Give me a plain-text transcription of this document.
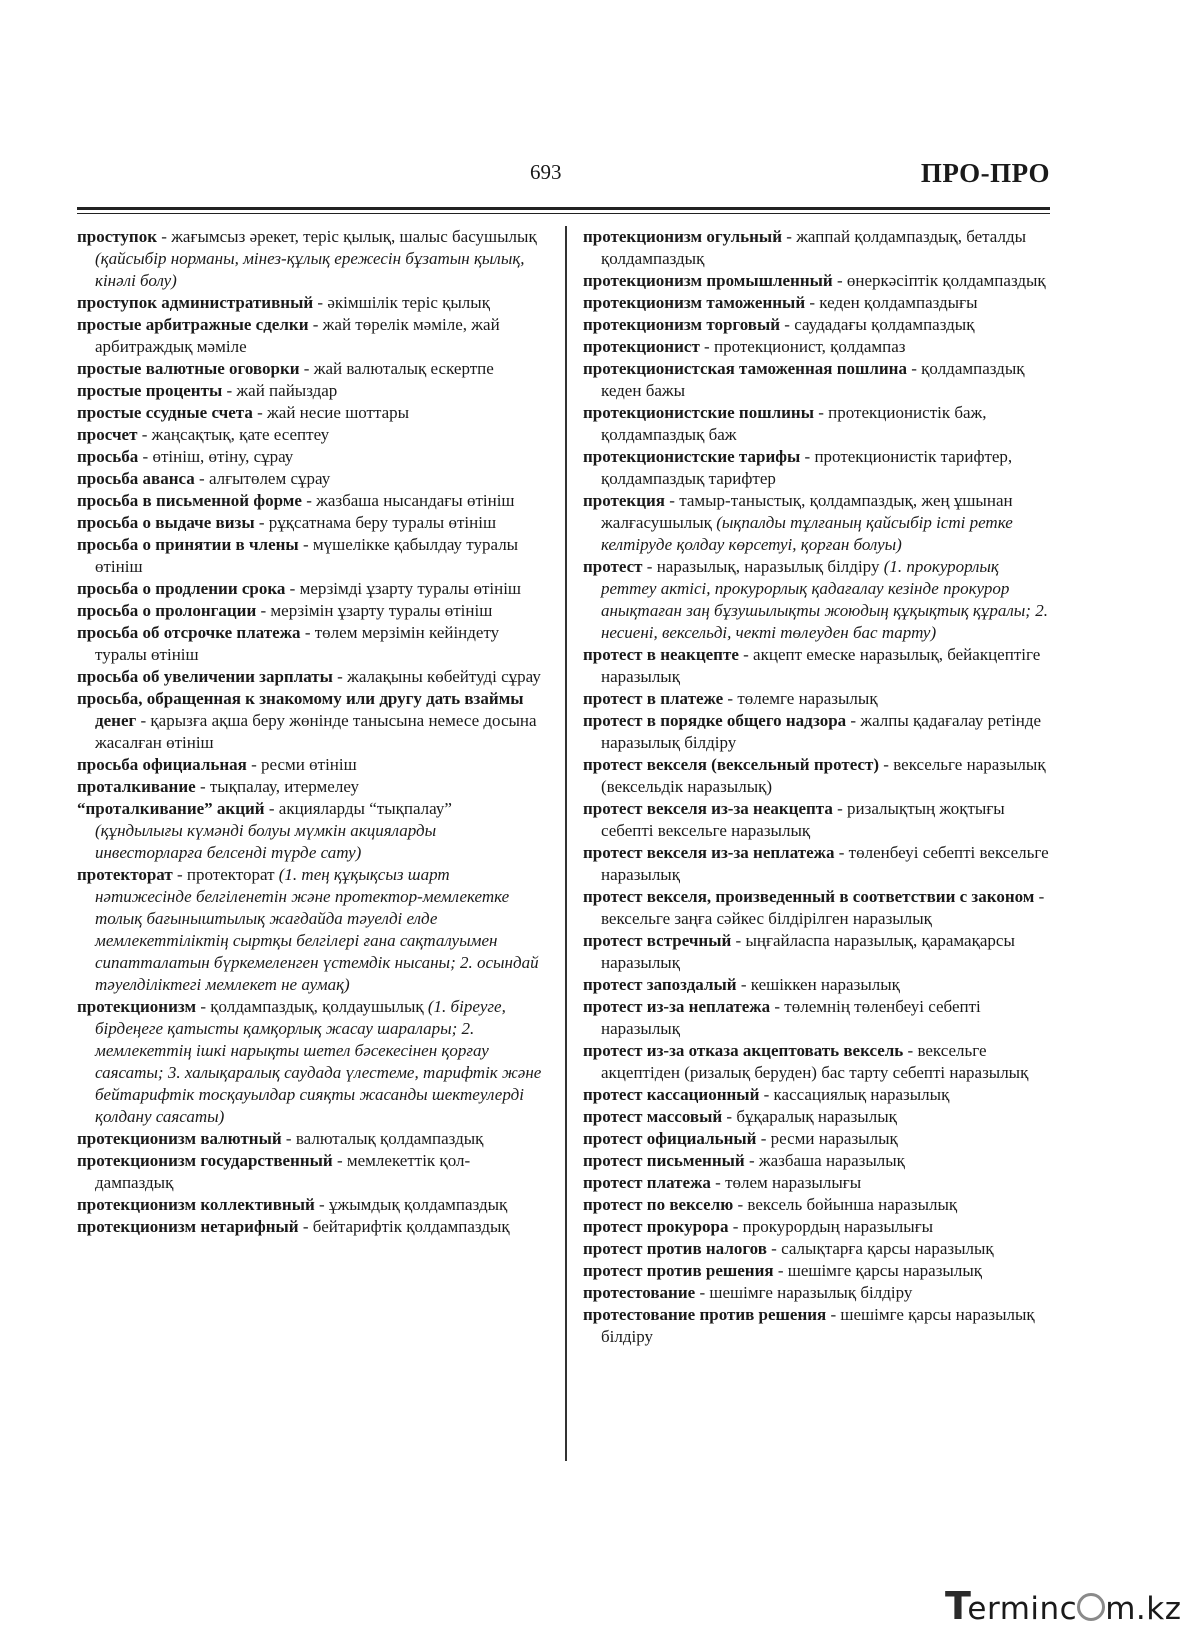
693	ПРО-ПРО
проступок - жағымсыз әрекет, теріс қылық, шалыс басушылық (қайсыбір норманы, мінез-құлық ережесін бұзатын қылық, кінәлі болу)
проступок административный - әкімшілік теріс қылық
простые арбитражные сделки - жай төрелік мәміле, жай арбитраждық мәміле
простые валютные оговорки - жай валюталық ескертпе
простые проценты - жай пайыздар
простые ссудные счета - жай несие шоттары
просчет - жаңсақтық, қате есептеу
просьба - өтініш, өтіну, сұрау
просьба аванса - алғытөлем сұрау
просьба в письменной форме - жазбаша нысандағы өтініш
просьба о выдаче визы - рұқсатнама беру туралы өтініш
просьба о принятии в члены - мүшелікке қабылдау туралы өтініш
просьба о продлении срока - мерзімді ұзарту туралы өтініш
просьба о пролонгации - мерзімін ұзарту туралы өтініш
просьба об отсрочке платежа - төлем мерзімін кейіндету туралы өтініш
просьба об увеличении зарплаты - жалақыны көбейтуді сұрау
просьба, обращенная к знакомому или другу дать взаймы денег - қарызға ақша беру жөнінде танысына немесе досына жасалған өтініш
просьба официальная - ресми өтініш
проталкивание - тықпалау, итермелеу
“проталкивание” акций - акцияларды “тықпалау” (құндылығы күмәнді болуы мүмкін акцияларды инвесторларға белсенді түрде сату)
протекторат - протекторат (1. тең құқықсыз шарт нәтижесінде белгіленетін және протектор-мемлекетке толық бағыныштылық жағдайда тәуелді елде мемлекеттіліктің сыртқы белгілері ғана сақталуымен сипатталатын бүркемеленген үстемдік нысаны; 2. осындай тәуелділіктегі мемлекет не аумақ)
протекционизм - қолдампаздық, қолдаушылық (1. біреуге, бірдеңеге қатысты қамқорлық жасау шаралары; 2. мемлекеттің ішкі нарықты шетел бәсекесінен қорғау саясаты; 3. халықаралық саудада үлестеме, тарифтік және бейтарифтік тосқауылдар сияқты жасанды шектеулерді қолдану саясаты)
протекционизм валютный - валюталық қолдампаздық
протекционизм государственный - мемлекеттік қолдампаздық
протекционизм коллективный - ұжымдық қолдампаздық
протекционизм нетарифный - бейтарифтік қолдампаздық
протекционизм огульный - жаппай қолдампаздық, беталды қолдампаздық
протекционизм промышленный - өнеркәсіптік қолдампаздық
протекционизм таможенный - кеден қолдампаздығы
протекционизм торговый - саудадағы қолдампаздық
протекционист - протекционист, қолдампаз
протекционистская таможенная пошлина - қолдампаздық кеден бажы
протекционистские пошлины - протекционистік баж, қолдампаздық баж
протекционистские тарифы - протекционистік тарифтер, қолдампаздық тарифтер
протекция - тамыр-таныстық, қолдампаздық, жең ұшынан жалғасушылық (ықпалды тұлғаның қайсыбір істі ретке келтіруде қолдау көрсетуі, қорған болуы)
протест - наразылық, наразылық білдіру (1. прокурорлық реттеу актісі, прокурорлық қадағалау кезінде прокурор анықтаған заң бұзушылықты жоюдың құқықтық құралы; 2. несиені, вексельді, чекті төлеуден бас тарту)
протест в неакцепте - акцепт емеске наразылық, бейакцептіге наразылық
протест в платеже - төлемге наразылық
протест в порядке общего надзора - жалпы қадағалау ретінде наразылық білдіру
протест векселя (вексельный протест) - вексельге наразылық (вексельдік наразылық)
протест векселя из-за неакцепта - ризалықтың жоқтығы себепті вексельге наразылық
протест векселя из-за неплатежа - төленбеуі себепті вексельге наразылық
протест векселя, произведенный в соответствии с законом - вексельге заңға сәйкес білдірілген наразылық
протест встречный - ыңғайласпа наразылық, қарамақарсы наразылық
протест запоздалый - кешіккен наразылық
протест из-за неплатежа - төлемнің төленбеуі себепті наразылық
протест из-за отказа акцептовать вексель - вексельге акцептіден (ризалық беруден) бас тарту себепті наразылық
протест кассационный - кассациялық наразылық
протест массовый - бұқаралық наразылық
протест официальный - ресми наразылық
протест письменный - жазбаша наразылық
протест платежа - төлем наразылығы
протест по векселю - вексель бойынша наразылық
протест прокурора - прокурордың наразылығы
протест против налогов - салықтарға қарсы наразылық
протест против решения - шешімге қарсы наразылық
протестование - шешімге наразылық білдіру
протестование против решения - шешімге қарсы наразылық білдіру
Terminc m.kz
